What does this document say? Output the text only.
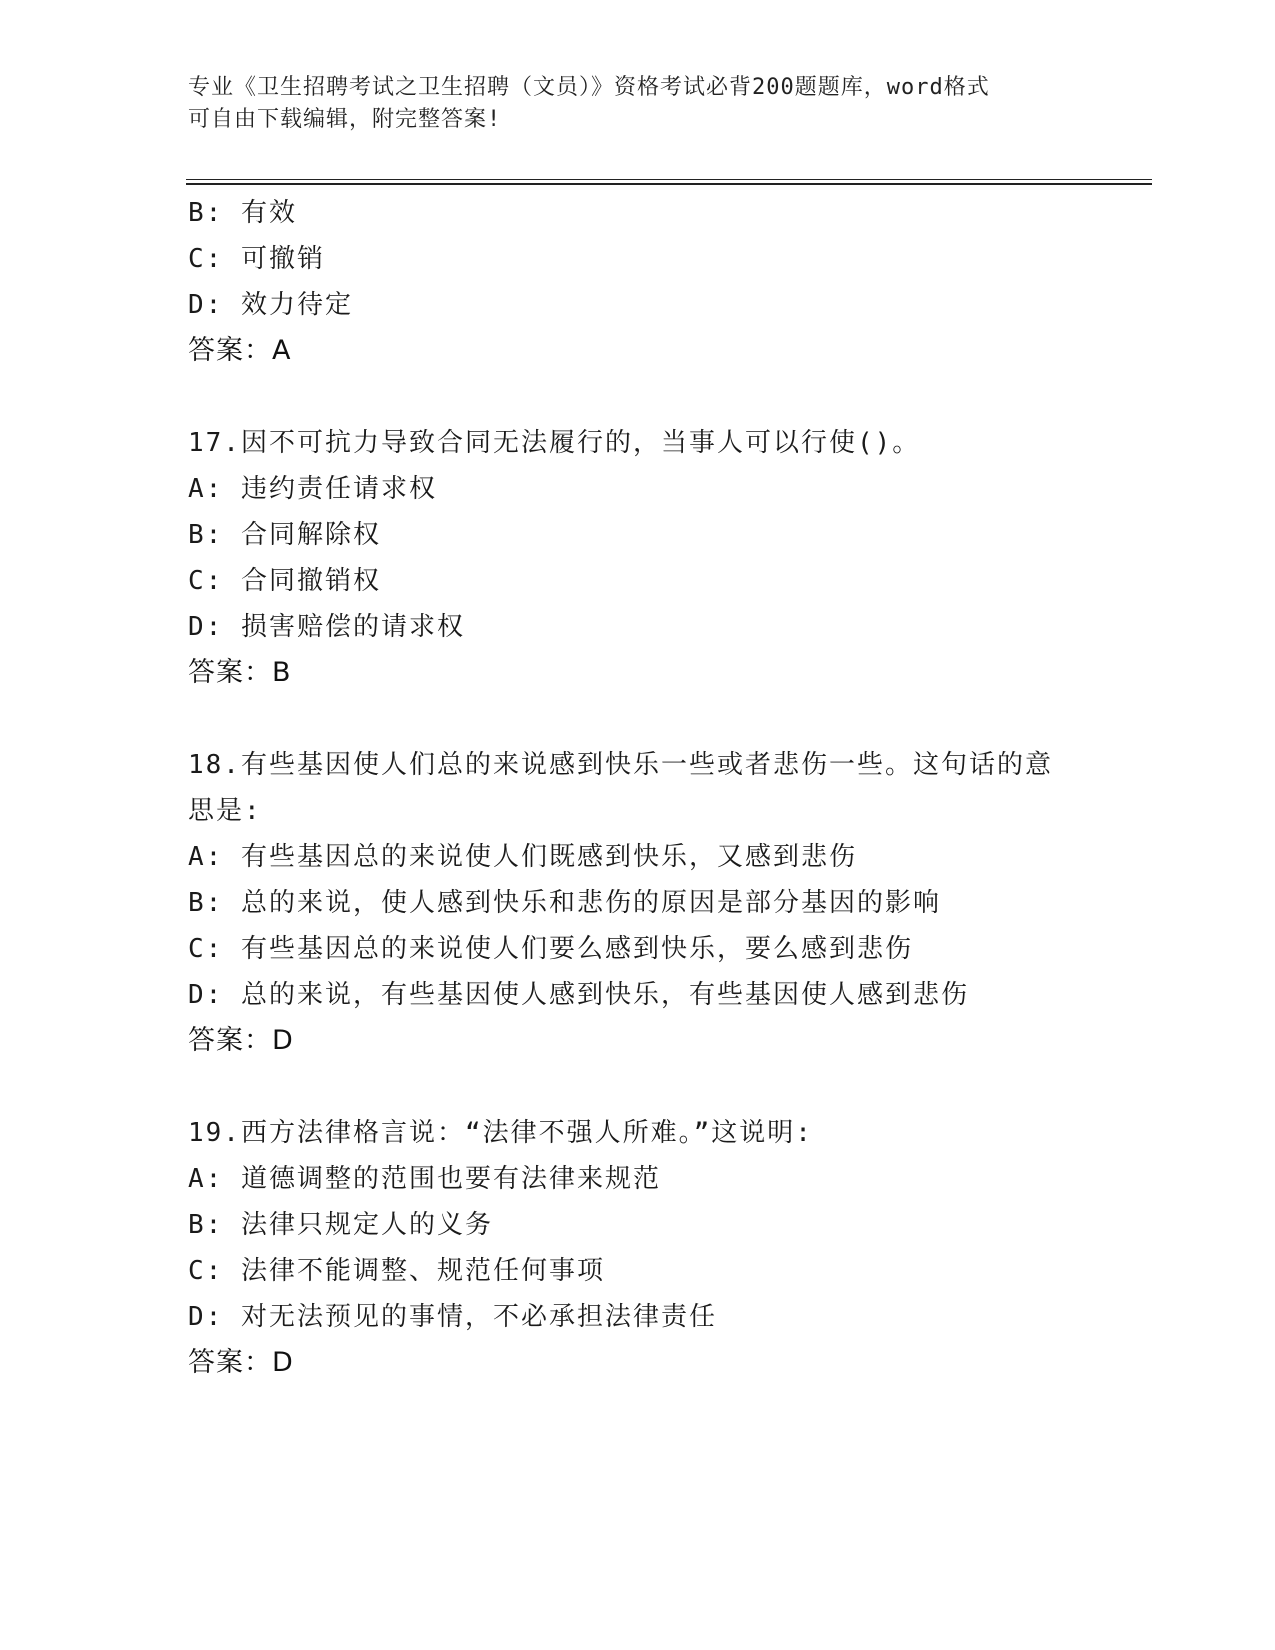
专业《卫生招聘考试之卫生招聘（文员）》资格考试必背200题题库，word格式
可自由下载编辑，附完整答案!
B: 有效
C: 可撤销
D: 效力待定
答案：A
17.因不可抗力导致合同无法履行的，当事人可以行使()。
A: 违约责任请求权
B: 合同解除权
C: 合同撤销权
D: 损害赔偿的请求权
答案：B
18.有些基因使人们总的来说感到快乐一些或者悲伤一些。这句话的意
思是:
A: 有些基因总的来说使人们既感到快乐，又感到悲伤
B: 总的来说，使人感到快乐和悲伤的原因是部分基因的影响
C: 有些基因总的来说使人们要么感到快乐，要么感到悲伤
D: 总的来说，有些基因使人感到快乐，有些基因使人感到悲伤
答案：D
19.西方法律格言说：“法律不强人所难。”这说明:
A: 道德调整的范围也要有法律来规范
B: 法律只规定人的义务
C: 法律不能调整、规范任何事项
D: 对无法预见的事情，不必承担法律责任
答案：D
